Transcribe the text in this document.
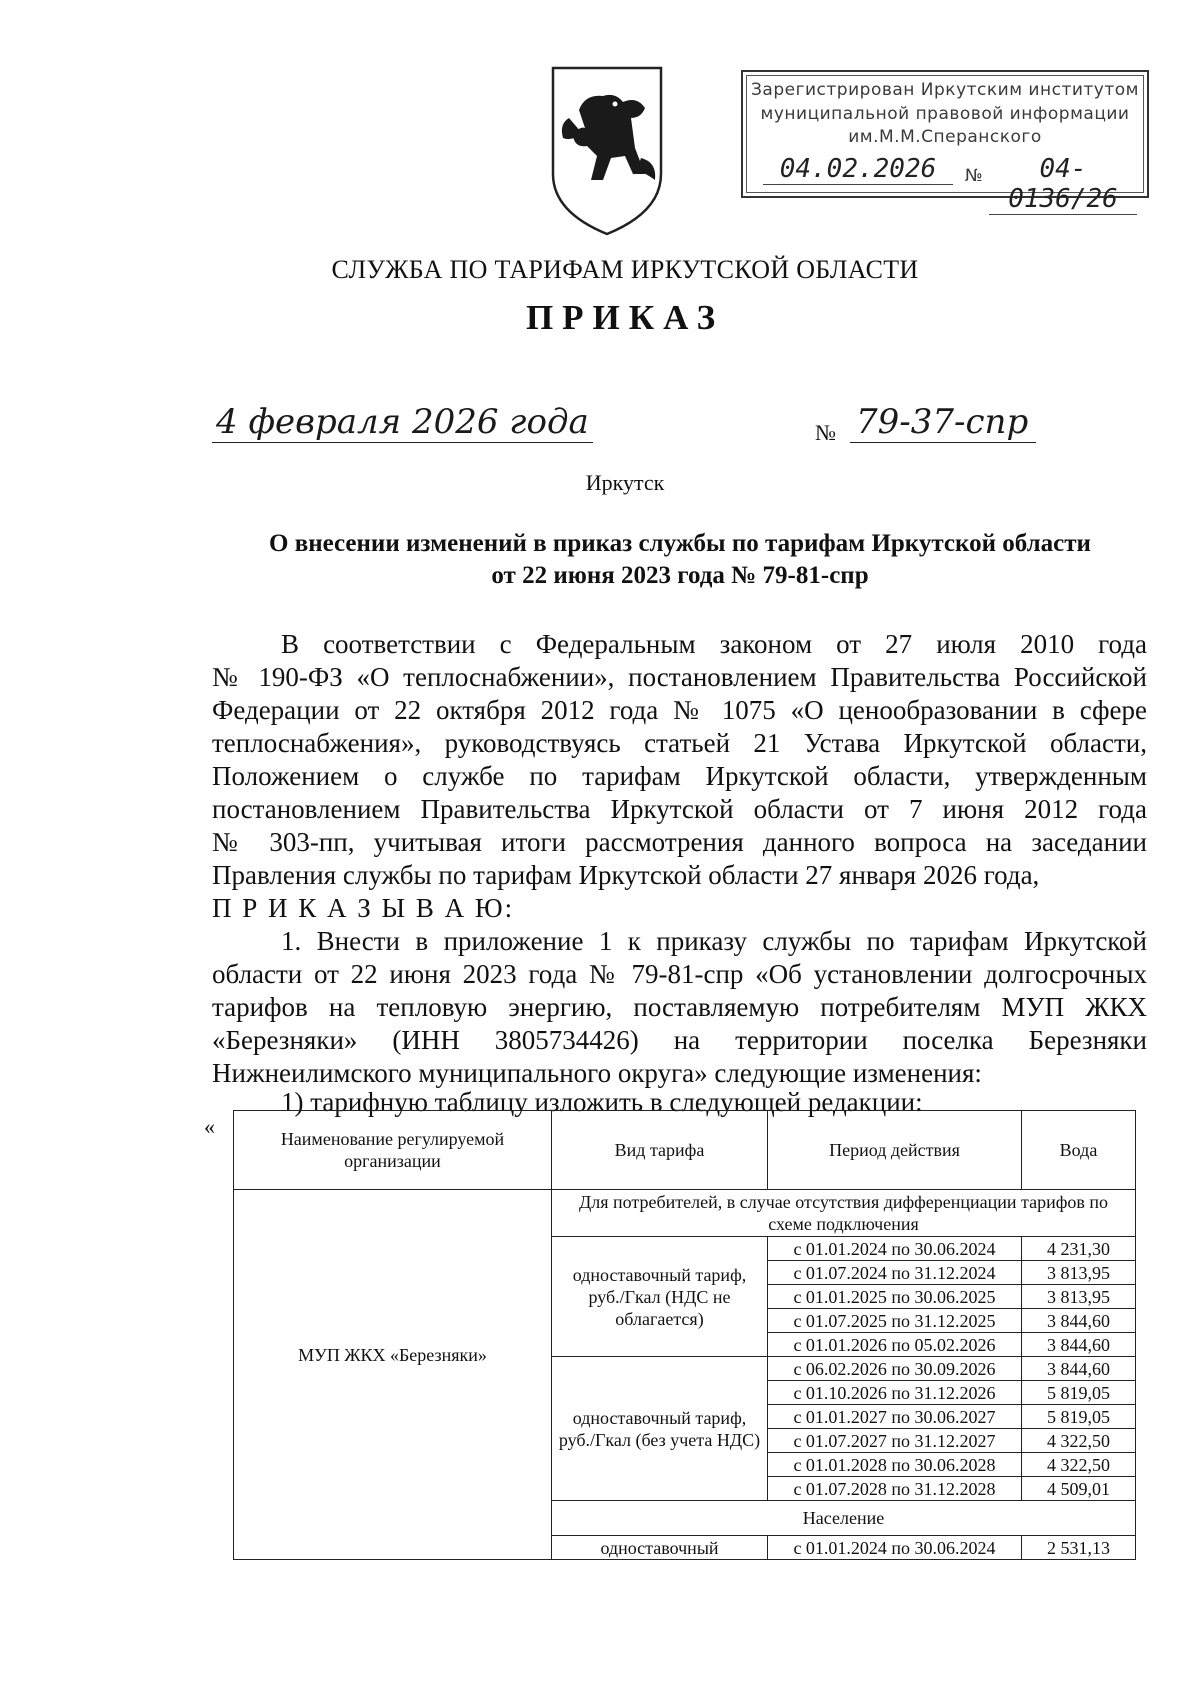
Зарегистрирован Иркутским институтом
муниципальной правовой информации
им.М.М.Сперанского
04.02.2026	№	04-0136/26
СЛУЖБА ПО ТАРИФАМ ИРКУТСКОЙ ОБЛАСТИ
ПРИКАЗ
4 февраля 2026 года	№ 79-37-спр
Иркутск
О внесении изменений в приказ службы по тарифам Иркутской области
от 22 июня 2023 года № 79-81-спр
В соответствии с Федеральным законом от 27 июля 2010 года
№ 190-ФЗ «О теплоснабжении», постановлением Правительства Российской
Федерации от 22 октября 2012 года № 1075 «О ценообразовании в сфере
теплоснабжения», руководствуясь статьей 21 Устава Иркутской области,
Положением о службе по тарифам Иркутской области, утвержденным
постановлением Правительства Иркутской области от 7 июня 2012 года
№ 303-пп, учитывая итоги рассмотрения данного вопроса на заседании
Правления службы по тарифам Иркутской области 27 января 2026 года,
П Р И К А З Ы В А Ю:
1. Внести в приложение 1 к приказу службы по тарифам Иркутской
области от 22 июня 2023 года № 79-81-спр «Об установлении долгосрочных
тарифов на тепловую энергию, поставляемую потребителям МУП ЖКХ
«Березняки» (ИНН 3805734426) на территории поселка Березняки
Нижнеилимского муниципального округа» следующие изменения:
1) тарифную таблицу изложить в следующей редакции:
«	Наименование регулируемой организации	Вид тарифа	Период действия	Вода
МУП ЖКХ «Березняки»	Для потребителей, в случае отсутствия дифференциации тарифов по схеме подключения		
	одноставочный тариф, руб./Гкал (НДС не облагается)	с 01.01.2024 по 30.06.2024	4 231,30
		с 01.07.2024 по 31.12.2024	3 813,95
		с 01.01.2025 по 30.06.2025	3 813,95
		с 01.07.2025 по 31.12.2025	3 844,60
		с 01.01.2026 по 05.02.2026	3 844,60
	одноставочный тариф, руб./Гкал (без учета НДС)	с 06.02.2026 по 30.09.2026	3 844,60
		с 01.10.2026 по 31.12.2026	5 819,05
		с 01.01.2027 по 30.06.2027	5 819,05
		с 01.07.2027 по 31.12.2027	4 322,50
		с 01.01.2028 по 30.06.2028	4 322,50
		с 01.07.2028 по 31.12.2028	4 509,01
	Население		
	одноставочный	с 01.01.2024 по 30.06.2024	2 531,13
